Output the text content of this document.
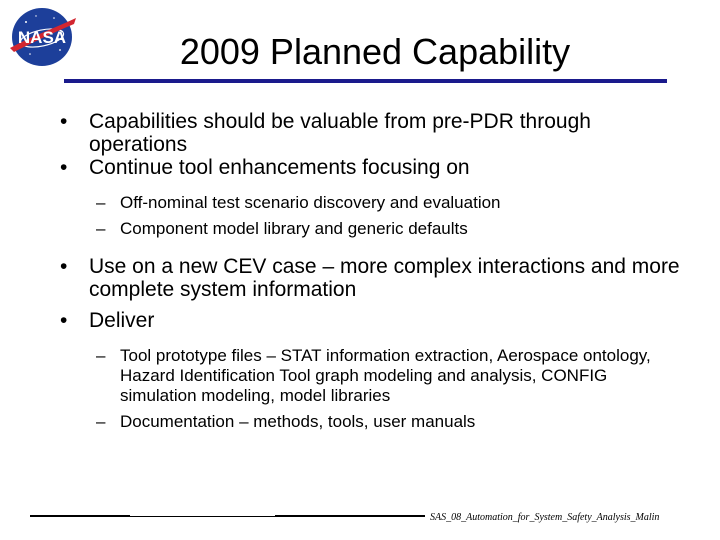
NASA	2009 Planned Capability
• Capabilities should be valuable from pre-PDR through operations
• Continue tool enhancements focusing on
– Off-nominal test scenario discovery and evaluation
– Component model library and generic defaults
• Use on a new CEV case – more complex interactions and more complete system information
• Deliver
– Tool prototype files – STAT information extraction, Aerospace ontology, Hazard Identification Tool graph modeling and analysis, CONFIG simulation modeling, model libraries
– Documentation – methods, tools, user manuals
SAS_08_Automation_for_System_Safety_Analysis_Malin
